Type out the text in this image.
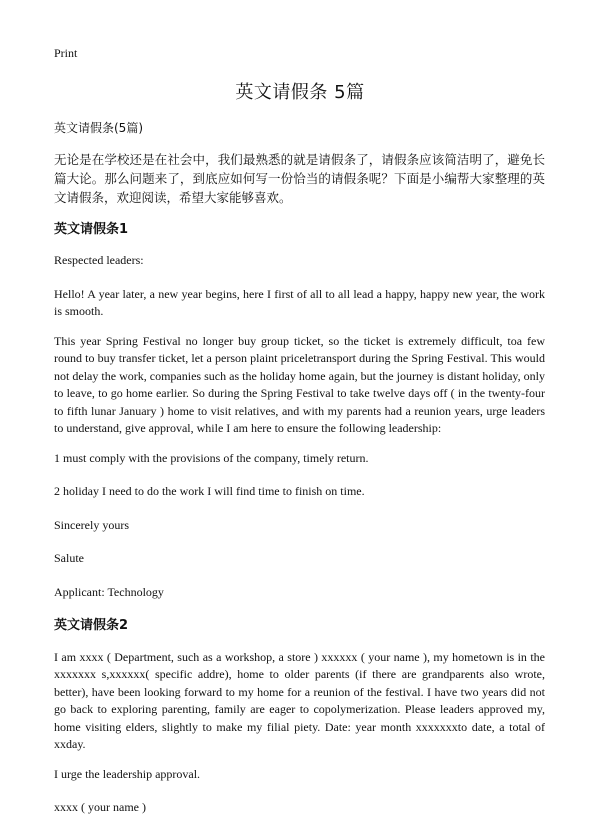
Print
英文请假条 5篇

英文请假条(5篇)

无论是在学校还是在社会中，我们最熟悉的就是请假条了，请假条应该简洁明了，避免长篇大论。那么问题来了，到底应如何写一份恰当的请假条呢？下面是小编帮大家整理的英文请假条，欢迎阅读，希望大家能够喜欢。

英文请假条1

Respected leaders:

Hello! A year later, a new year begins, here I first of all to all lead a happy, happy new year, the work is smooth.

This year Spring Festival no longer buy group ticket, so the ticket is extremely difficult, toa few round to buy transfer ticket, let a person plaint priceletransport during the Spring Festival. This would not delay the work, companies such as the holiday home again, but the journey is distant holiday, only to leave, to go home earlier. So during the Spring Festival to take twelve days off ( in the twenty-four to fifth lunar January ) home to visit relatives, and with my parents had a reunion years, urge leaders to understand, give approval, while I am here to ensure the following leadership:

1 must comply with the provisions of the company, timely return.

2 holiday I need to do the work I will find time to finish on time.

Sincerely yours

Salute

Applicant: Technology

英文请假条2

I am xxxx ( Department, such as a workshop, a store ) xxxxxx ( your name ), my hometown is in the xxxxxxx s,xxxxxx( specific addre), home to older parents (if there are grandparents also wrote, better), have been looking forward to my home for a reunion of the festival. I have two years did not go back to exploring parenting, family are eager to copolymerization. Please leaders approved my, home visiting elders, slightly to make my filial piety. Date: year month xxxxxxxto date, a total of xxday.

I urge the leadership approval.

xxxx ( your name )
